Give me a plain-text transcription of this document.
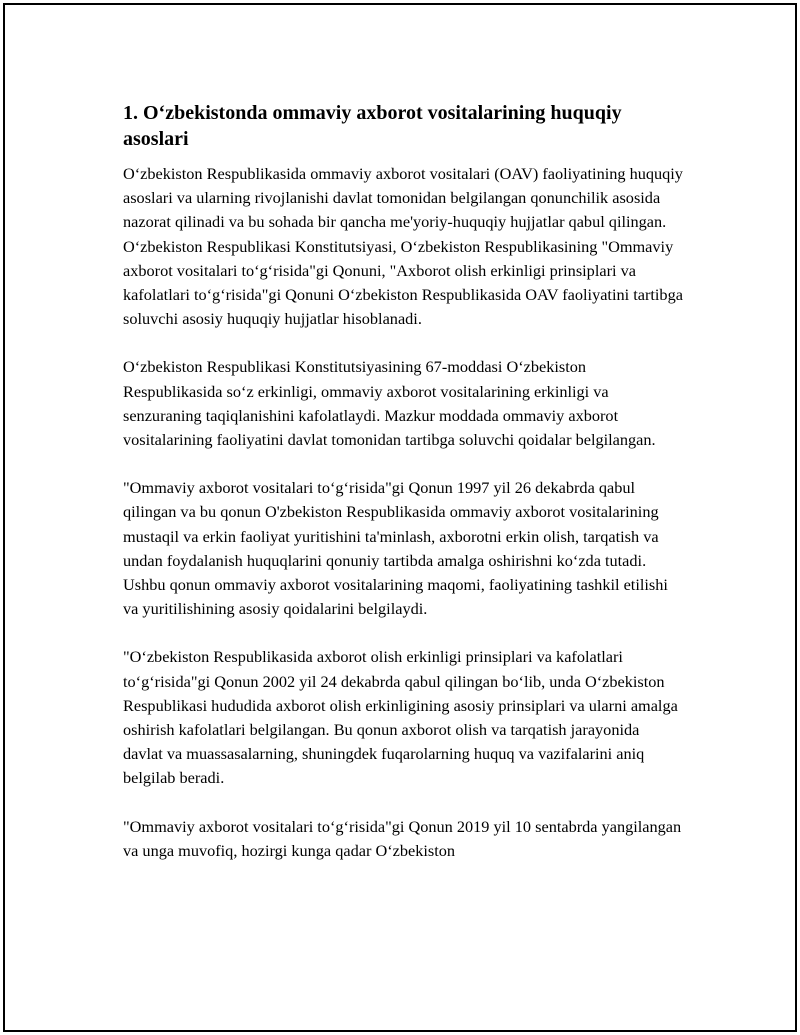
1. O‘zbekistonda ommaviy axborot vositalarining huquqiy asoslari

O‘zbekiston Respublikasida ommaviy axborot vositalari (OAV) faoliyatining huquqiy asoslari va ularning rivojlanishi davlat tomonidan belgilangan qonunchilik asosida nazorat qilinadi va bu sohada bir qancha me'yoriy-huquqiy hujjatlar qabul qilingan. O‘zbekiston Respublikasi Konstitutsiyasi, O‘zbekiston Respublikasining "Ommaviy axborot vositalari to‘g‘risida"gi Qonuni, "Axborot olish erkinligi prinsiplari va kafolatlari to‘g‘risida"gi Qonuni O‘zbekiston Respublikasida OAV faoliyatini tartibga soluvchi asosiy huquqiy hujjatlar hisoblanadi.

O‘zbekiston Respublikasi Konstitutsiyasining 67-moddasi O‘zbekiston Respublikasida so‘z erkinligi, ommaviy axborot vositalarining erkinligi va senzuraning taqiqlanishini kafolatlaydi. Mazkur moddada ommaviy axborot vositalarining faoliyatini davlat tomonidan tartibga soluvchi qoidalar belgilangan.

"Ommaviy axborot vositalari to‘g‘risida"gi Qonun 1997 yil 26 dekabrda qabul qilingan va bu qonun O'zbekiston Respublikasida ommaviy axborot vositalarining mustaqil va erkin faoliyat yuritishini ta'minlash, axborotni erkin olish, tarqatish va undan foydalanish huquqlarini qonuniy tartibda amalga oshirishni ko‘zda tutadi. Ushbu qonun ommaviy axborot vositalarining maqomi, faoliyatining tashkil etilishi va yuritilishining asosiy qoidalarini belgilaydi.

"O‘zbekiston Respublikasida axborot olish erkinligi prinsiplari va kafolatlari to‘g‘risida"gi Qonun 2002 yil 24 dekabrda qabul qilingan bo‘lib, unda O‘zbekiston Respublikasi hududida axborot olish erkinligining asosiy prinsiplari va ularni amalga oshirish kafolatlari belgilangan. Bu qonun axborot olish va tarqatish jarayonida davlat va muassasalarning, shuningdek fuqarolarning huquq va vazifalarini aniq belgilab beradi.

"Ommaviy axborot vositalari to‘g‘risida"gi Qonun 2019 yil 10 sentabrda yangilangan va unga muvofiq, hozirgi kunga qadar O‘zbekiston
